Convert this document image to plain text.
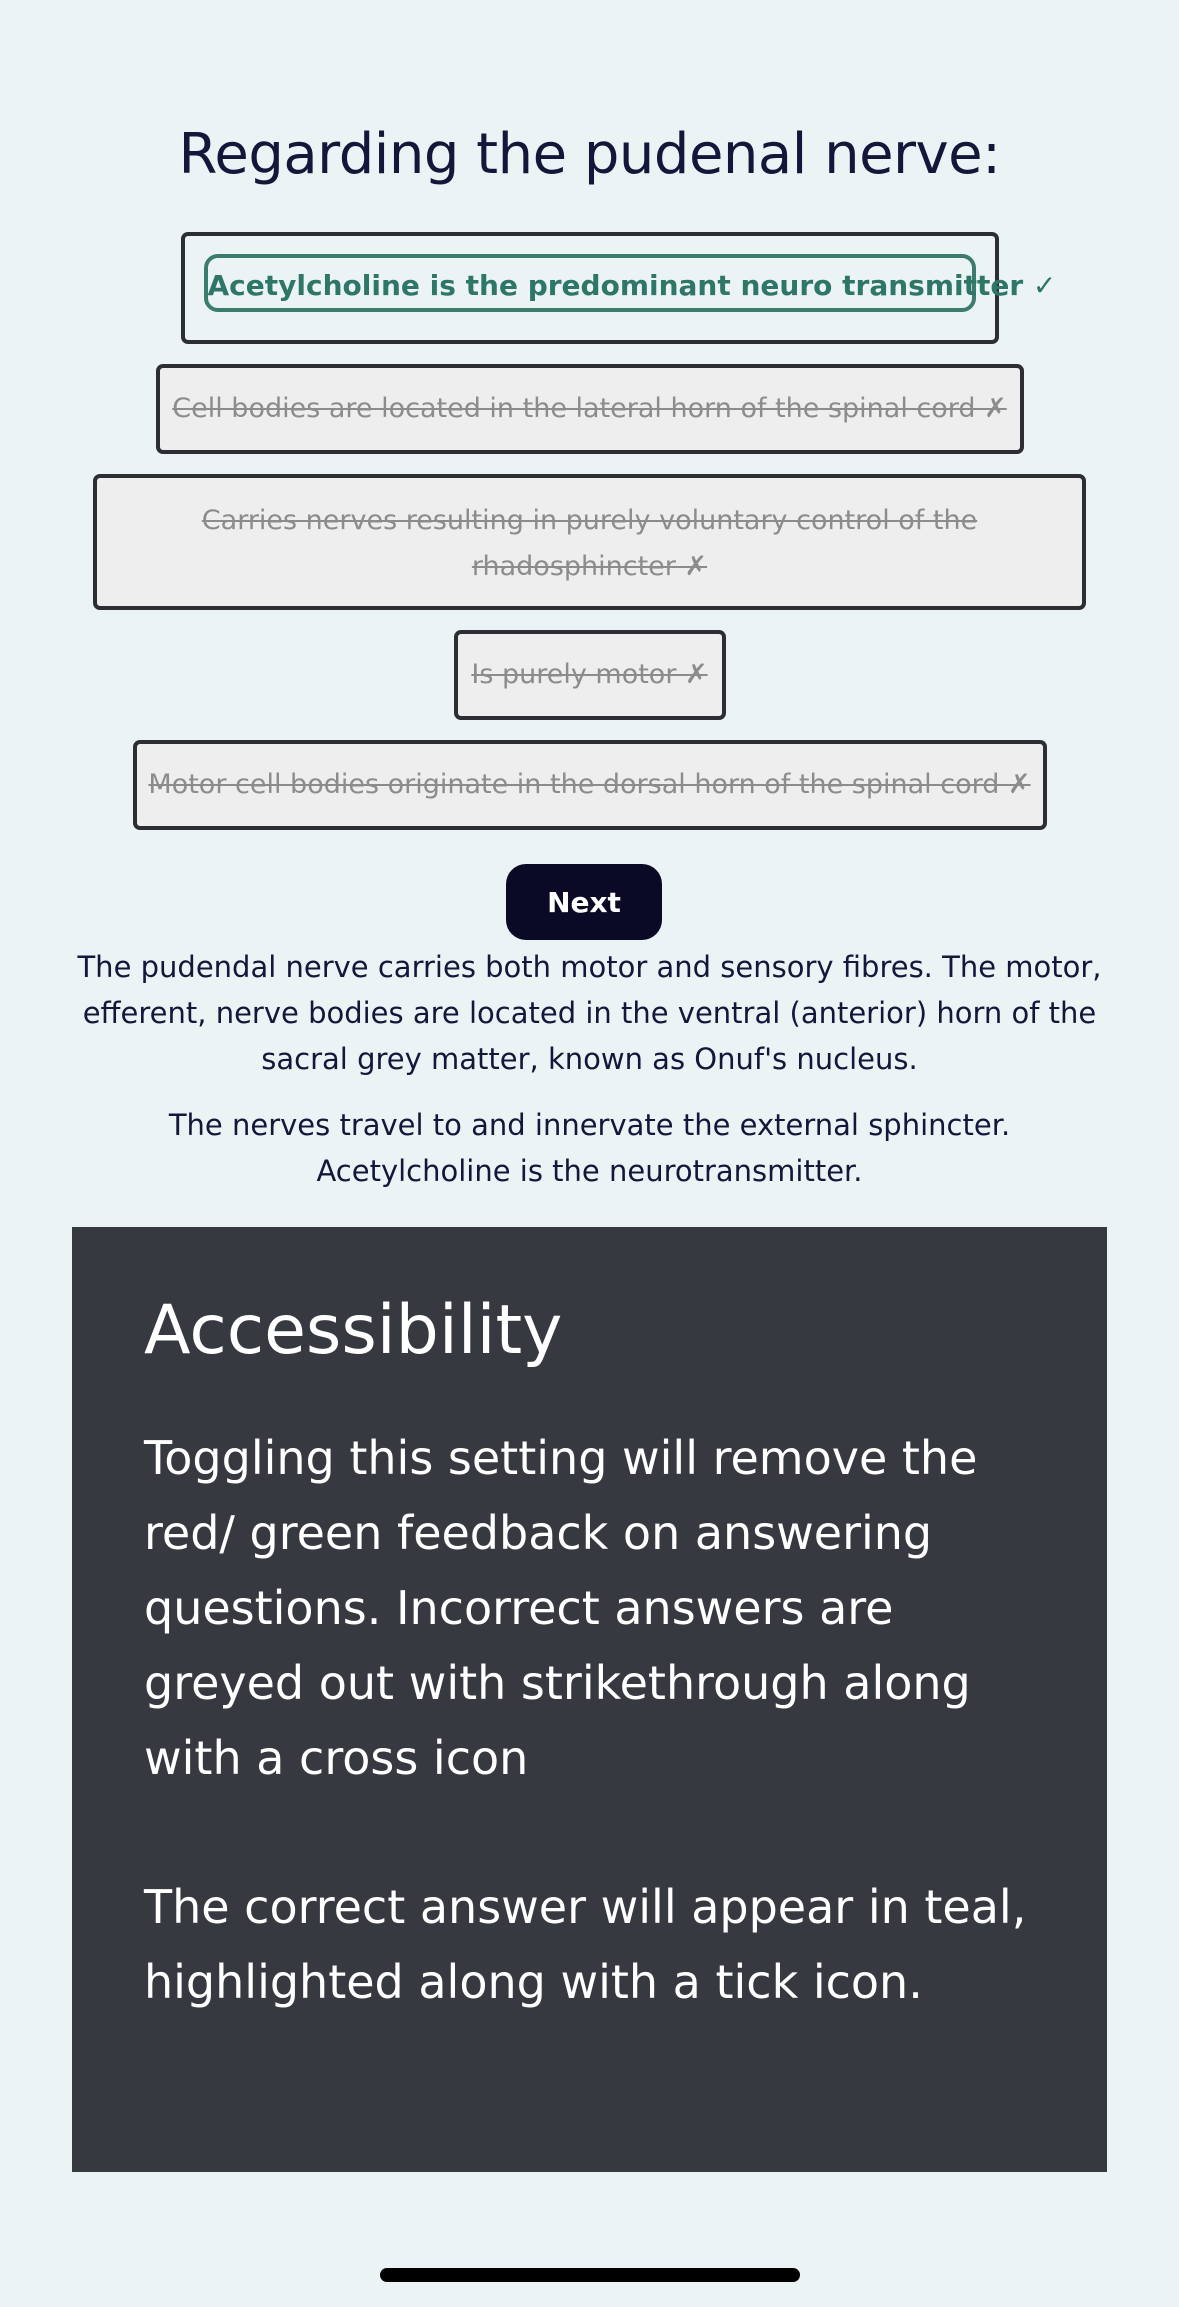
Regarding the pudenal nerve:
Acetylcholine is the predominant neuro transmitter ✓
Cell bodies are located in the lateral horn of the spinal cord ✗
Carries nerves resulting in purely voluntary control of the rhadosphincter ✗
Is purely motor ✗
Motor cell bodies originate in the dorsal horn of the spinal cord ✗
Next

The pudendal nerve carries both motor and sensory fibres. The motor, efferent, nerve bodies are located in the ventral (anterior) horn of the sacral grey matter, known as Onuf's nucleus.

The nerves travel to and innervate the external sphincter. Acetylcholine is the neurotransmitter.

Accessibility

Toggling this setting will remove the red/ green feedback on answering questions. Incorrect answers are greyed out with strikethrough along with a cross icon

The correct answer will appear in teal, highlighted along with a tick icon.
